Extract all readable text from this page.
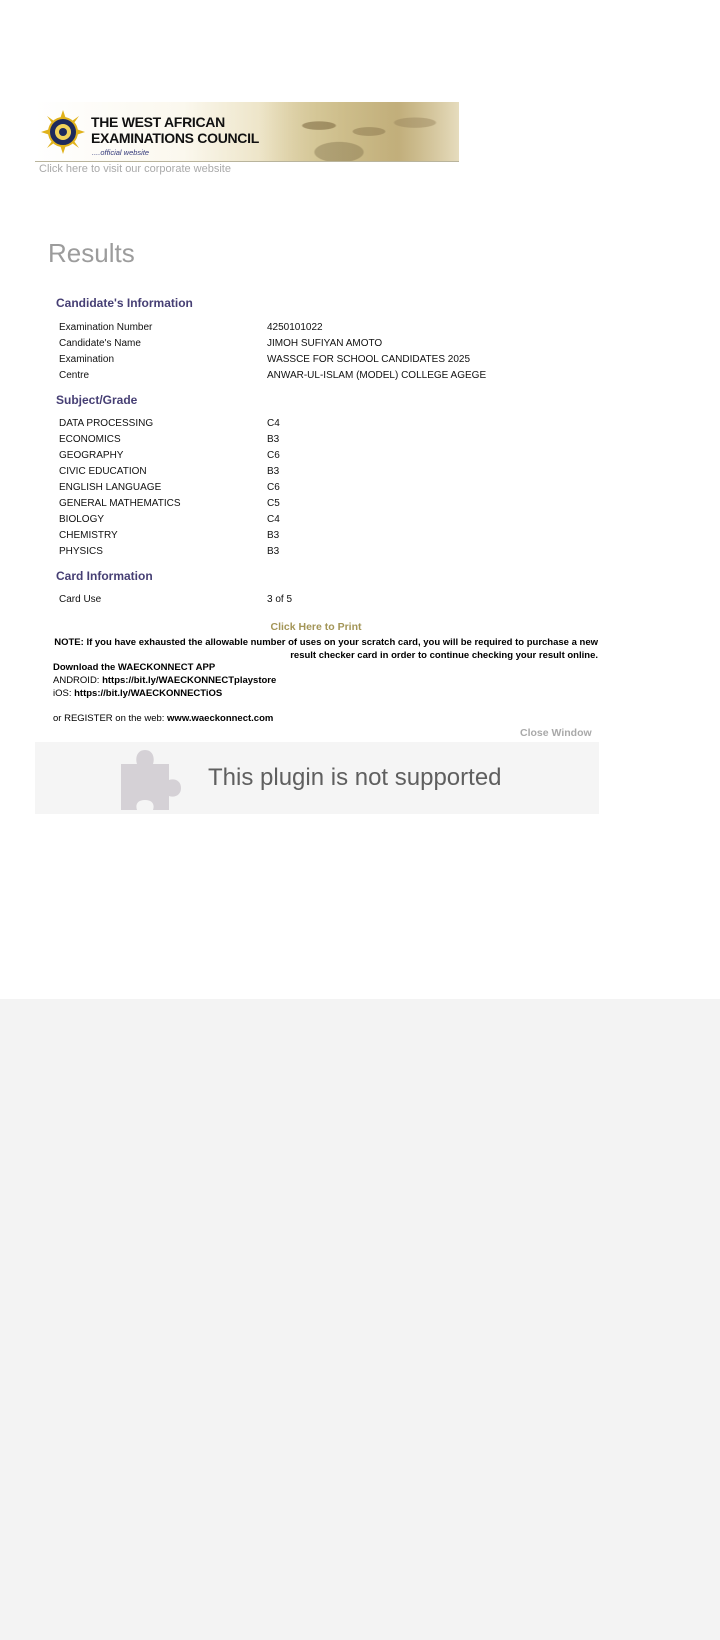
THE WEST AFRICAN
EXAMINATIONS COUNCIL
....official website
Click here to visit our corporate website
Results
Candidate's Information
Examination Number	4250101022
Candidate's Name	JIMOH SUFIYAN AMOTO
Examination	WASSCE FOR SCHOOL CANDIDATES 2025
Centre	ANWAR-UL-ISLAM (MODEL) COLLEGE AGEGE
Subject/Grade
DATA PROCESSING	C4
ECONOMICS	B3
GEOGRAPHY	C6
CIVIC EDUCATION	B3
ENGLISH LANGUAGE	C6
GENERAL MATHEMATICS	C5
BIOLOGY	C4
CHEMISTRY	B3
PHYSICS	B3
Card Information
Card Use	3 of 5
Click Here to Print
NOTE: If you have exhausted the allowable number of uses on your scratch card, you will be required to purchase a new result checker card in order to continue checking your result online.
Download the WAECKONNECT APP
ANDROID: https://bit.ly/WAECKONNECTplaystore
iOS: https://bit.ly/WAECKONNECTiOS
or REGISTER on the web: www.waeckonnect.com
Close Window
This plugin is not supported
